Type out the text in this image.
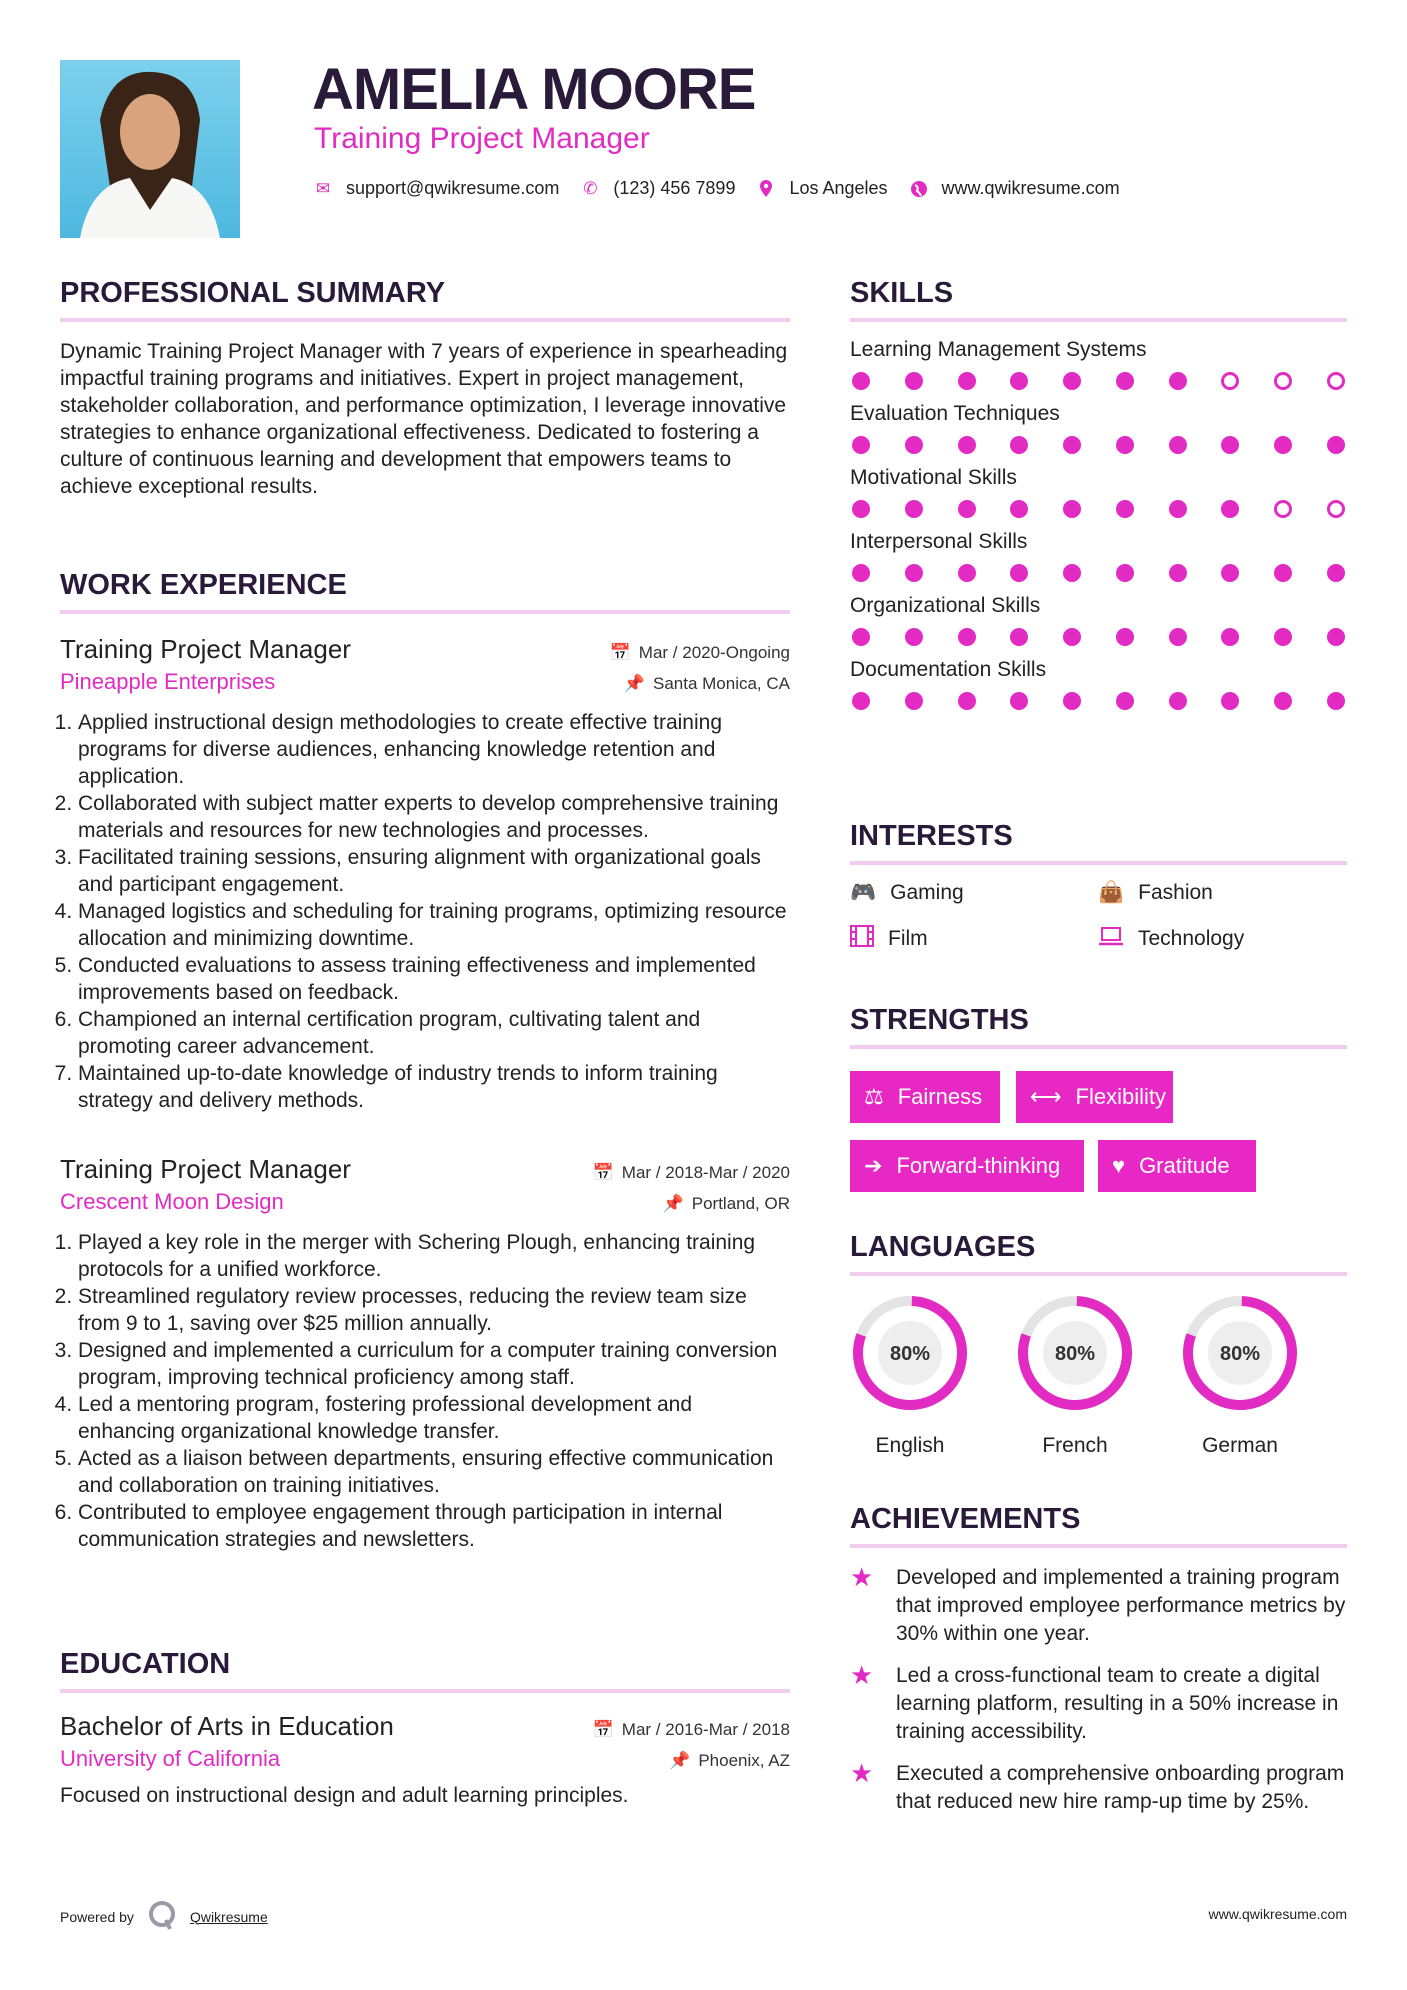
AMELIA MOORE
Training Project Manager
✉ support@qwikresume.com ✆ (123) 456 7899	Los Angeles	www.qwikresume.com
PROFESSIONAL SUMMARY
Dynamic Training Project Manager with 7 years of experience in spearheading impactful training programs and initiatives. Expert in project management, stakeholder collaboration, and performance optimization, I leverage innovative strategies to enhance organizational effectiveness. Dedicated to fostering a culture of continuous learning and development that empowers teams to achieve exceptional results.
WORK EXPERIENCE
Training Project Manager	📅 Mar / 2020-Ongoing
Pineapple Enterprises	📌 Santa Monica, CA
1. Applied instructional design methodologies to create effective training programs for diverse audiences, enhancing knowledge retention and application.
2. Collaborated with subject matter experts to develop comprehensive training materials and resources for new technologies and processes.
3. Facilitated training sessions, ensuring alignment with organizational goals and participant engagement.
4. Managed logistics and scheduling for training programs, optimizing resource allocation and minimizing downtime.
5. Conducted evaluations to assess training effectiveness and implemented improvements based on feedback.
6. Championed an internal certification program, cultivating talent and promoting career advancement.
7. Maintained up-to-date knowledge of industry trends to inform training strategy and delivery methods.
Training Project Manager	📅 Mar / 2018-Mar / 2020
Crescent Moon Design	📌 Portland, OR
1. Played a key role in the merger with Schering Plough, enhancing training protocols for a unified workforce.
2. Streamlined regulatory review processes, reducing the review team size from 9 to 1, saving over $25 million annually.
3. Designed and implemented a curriculum for a computer training conversion program, improving technical proficiency among staff.
4. Led a mentoring program, fostering professional development and enhancing organizational knowledge transfer.
5. Acted as a liaison between departments, ensuring effective communication and collaboration on training initiatives.
6. Contributed to employee engagement through participation in internal communication strategies and newsletters.
EDUCATION
Bachelor of Arts in Education	📅 Mar / 2016-Mar / 2018
University of California	📌 Phoenix, AZ
Focused on instructional design and adult learning principles.
SKILLS
Learning Management Systems
Evaluation Techniques
Motivational Skills
Interpersonal Skills
Organizational Skills
Documentation Skills
INTERESTS
🎮 Gaming	👜 Fashion
Film	Technology
STRENGTHS
⚖ Fairness ⟷ Flexibility
➔ Forward-thinking ♥ Gratitude
LANGUAGES
80%
English
80%
French
80%
German
ACHIEVEMENTS
★	Developed and implemented a training program that improved employee performance metrics by 30% within one year.
★	Led a cross-functional team to create a digital learning platform, resulting in a 50% increase in training accessibility.
★	Executed a comprehensive onboarding program that reduced new hire ramp-up time by 25%.
Powered by	Qwikresume	www.qwikresume.com
